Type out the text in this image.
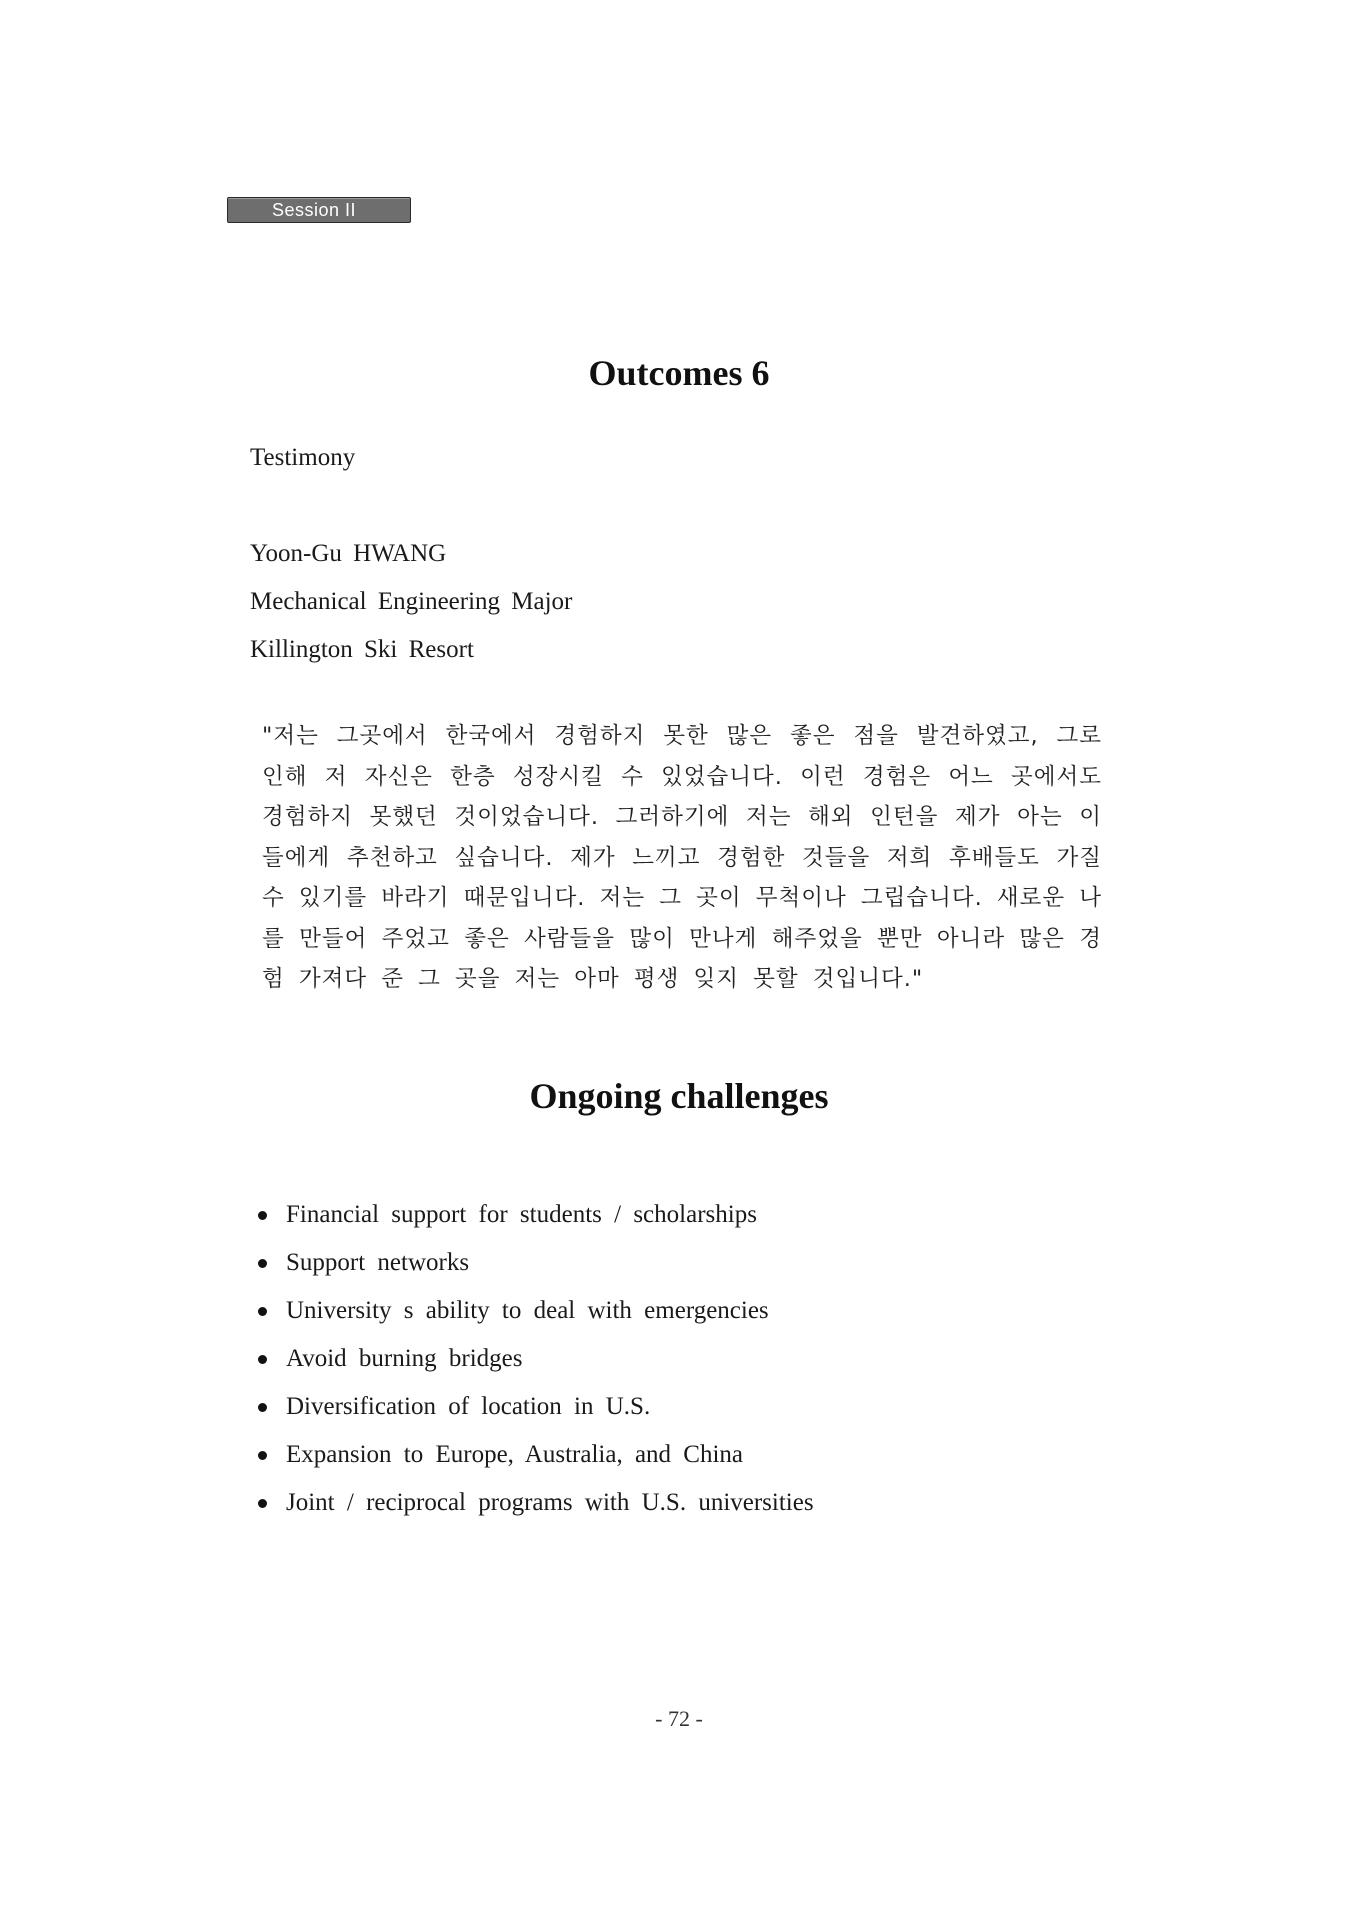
Session II
Outcomes 6

Testimony

Yoon-Gu HWANG

Mechanical Engineering Major

Killington Ski Resort

"저는 그곳에서 한국에서 경험하지 못한 많은 좋은 점을 발견하였고, 그로 인해 저 자신은 한층 성장시킬 수 있었습니다. 이런 경험은 어느 곳에서도 경험하지 못했던 것이었습니다. 그러하기에 저는 해외 인턴을 제가 아는 이들에게 추천하고 싶습니다. 제가 느끼고 경험한 것들을 저희 후배들도 가질 수 있기를 바라기 때문입니다. 저는 그 곳이 무척이나 그립습니다. 새로운 나를 만들어 주었고 좋은 사람들을 많이 만나게 해주었을 뿐만 아니라 많은 경험 가져다 준 그 곳을 저는 아마 평생 잊지 못할 것입니다."

Ongoing challenges
Financial support for students / scholarships
Support networks
University s ability to deal with emergencies
Avoid burning bridges
Diversification of location in U.S.
Expansion to Europe, Australia, and China
Joint / reciprocal programs with U.S. universities

- 72 -
